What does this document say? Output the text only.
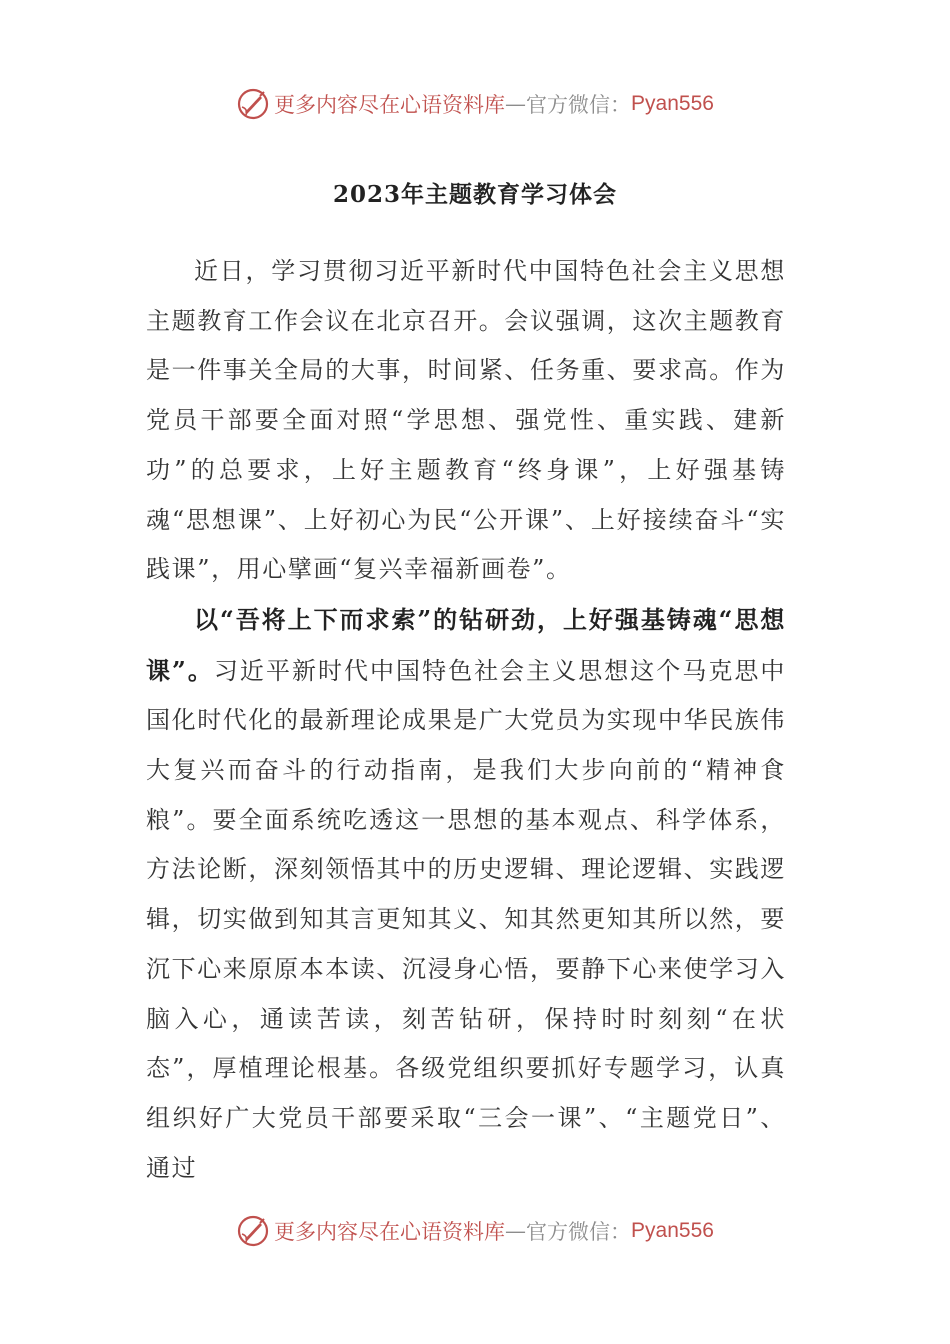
更多内容尽在心语资料库 — 官方微信： Pyan556
2023年主题教育学习体会

近日，学习贯彻习近平新时代中国特色社会主义思想主题教育工作会议在北京召开。会议强调，这次主题教育是一件事关全局的大事，时间紧、任务重、要求高。作为党员干部要全面对照“学思想、强党性、重实践、建新功”的总要求，上好主题教育“终身课”，上好强基铸魂“思想课”、上好初心为民“公开课”、上好接续奋斗“实践课”，用心擘画“复兴幸福新画卷”。

以“吾将上下而求索”的钻研劲，上好强基铸魂“思想课”。习近平新时代中国特色社会主义思想这个马克思中国化时代化的最新理论成果是广大党员为实现中华民族伟大复兴而奋斗的行动指南，是我们大步向前的“精神食粮”。要全面系统吃透这一思想的基本观点、科学体系，方法论断，深刻领悟其中的历史逻辑、理论逻辑、实践逻辑，切实做到知其言更知其义、知其然更知其所以然，要沉下心来原原本本读、沉浸身心悟，要静下心来使学习入脑入心，通读苦读，刻苦钻研，保持时时刻刻“在状态”，厚植理论根基。各级党组织要抓好专题学习，认真组织好广大党员干部要采取“三会一课”、“主题党日”、通过

更多内容尽在心语资料库 — 官方微信： Pyan556
